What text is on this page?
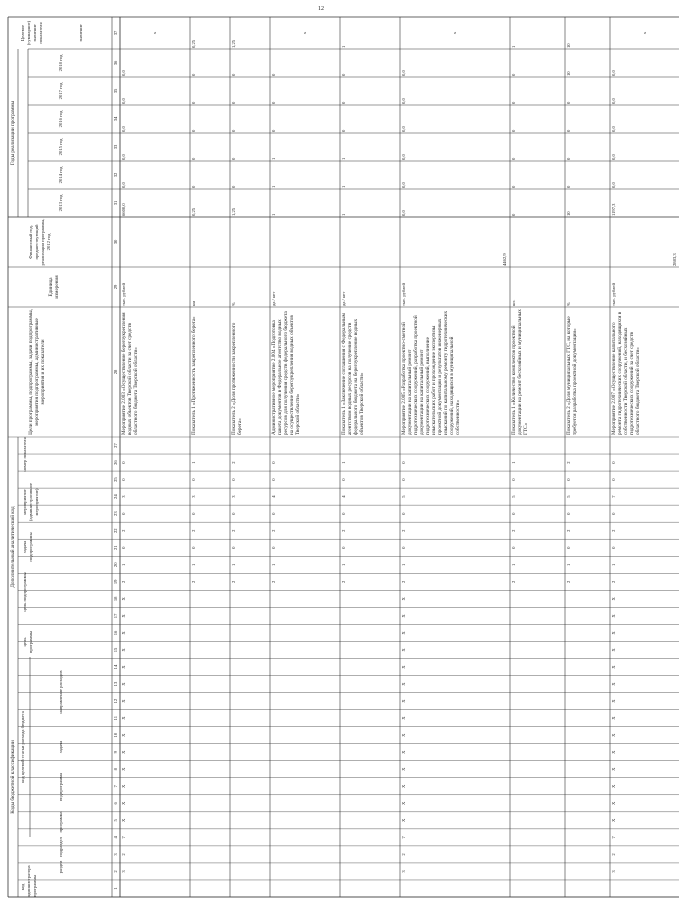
12
Коды бюджетной классификации
код администратора программы
раздел
подраздел
код целевой статьи расхода бюджета
программа
подпрограмма
задача
направление расходов
Дополнительный аналитический код
цель программы
цель подпрограммы
задача подпрограммы
мероприятие (административное мероприятие)
номер показателя
Цели программы, подпрограммы, задачи подпрограммы, мероприятия подпрограммы, административные мероприятия и их показатели
Единица измерения
1
2
3
4
5
6
7
8
9
10
11
12
13
14
15
16
17
18
19
20
21
22
23
24
25
26
27
28
29
30
31
32
33
34
35
36
37
Финансовый год, предшествующий реализации программы, 2012 год
Годы реализации программы
2013 год
2014 год
2015 год
2016 год
2017 год
2018 год
Целевое (суммарное) значение показателя	значение
3
2
7
X
X
X
X
X
X
X
X
X
X
X
X
X
X
2
1
0
2
0
3
0
0
Мероприятие 2.003 «Осуществление берегоукрепления водных объектов Тверской области за счет средств областного бюджета Тверской области»
тыс. рублей
6600,0
0,0
0,0
0,0
0,0
0,0
х
2
1
0
2
0
3
0
1
Показатель 1 «Протяженность закрепленного берега»
км
0,25
0
0
0
0
0
0,25
2
1
0
2
0
3
0
2
Показатель 2 «Доля протяженности закрепленного берега»
%
1,25
0
0
0
0
0
1,25
2
1
0
2
0
4
0
0
Административное мероприятие 2.004 «Подготовка пакета документов в Федеральное агентство водных ресурсов для получения средств федерального бюджета на осуществление берегоукрепления водных объектов Тверской области»
да / нет
1
1
1
0
0
0
х
2
1
0
2
0
4
0
1
Показатель 1 «Заключение соглашения с Федеральным агентством водных ресурсов на получение средств федерального бюджета на берегоукрепление водных объектов Тверской области»
да / нет
1
1
1
0
0
0
1
3
2
7
X
X
X
X
X
X
X
X
X
X
X
X
X
X
2
1
0
2
0
5
0
0
Мероприятие 2.005 «Разработка проектно-сметной документации на капитальный ремонт гидротехнических сооружений, разработка проектной документации на капитальный ремонт гидротехнических сооружений, выполнение изыскательских работ и прохождение экспертизы проектной документации и результатов инженерных изысканий по капитальному ремонту гидротехнических сооружений, находящихся в муниципальной собственности»
тыс. рублей
4462,9
0,0
0,0
0,0
0,0
0,0
0,0
х
2
1
0
2
0
5
0
1
Показатель 1 «Количество комплектов проектной документации на ремонт бесхозяйных и муниципальных ГТС»
шт.
0
0
0
0
0
0
1
2
1
0
2
0
5
0
2
Показатель 2 «Доля муниципальных ГТС, на которые требуется разработка проектной документации»
%
10
0
0
0
0
10
10
3
2
7
X
X
X
X
X
X
X
X
X
X
X
X
X
X
2
1
0
2
0
7
0
0
Мероприятие 2.007 «Осуществление капитального ремонта гидротехнических сооружений, находящихся в собственности Тверской области, и бесхозяйных гидротехнических сооружений за счет средств областного бюджета Тверской области»
тыс. рублей
2883,3
1197,3
0,0
0,0
0,0
0,0
0,0
х
